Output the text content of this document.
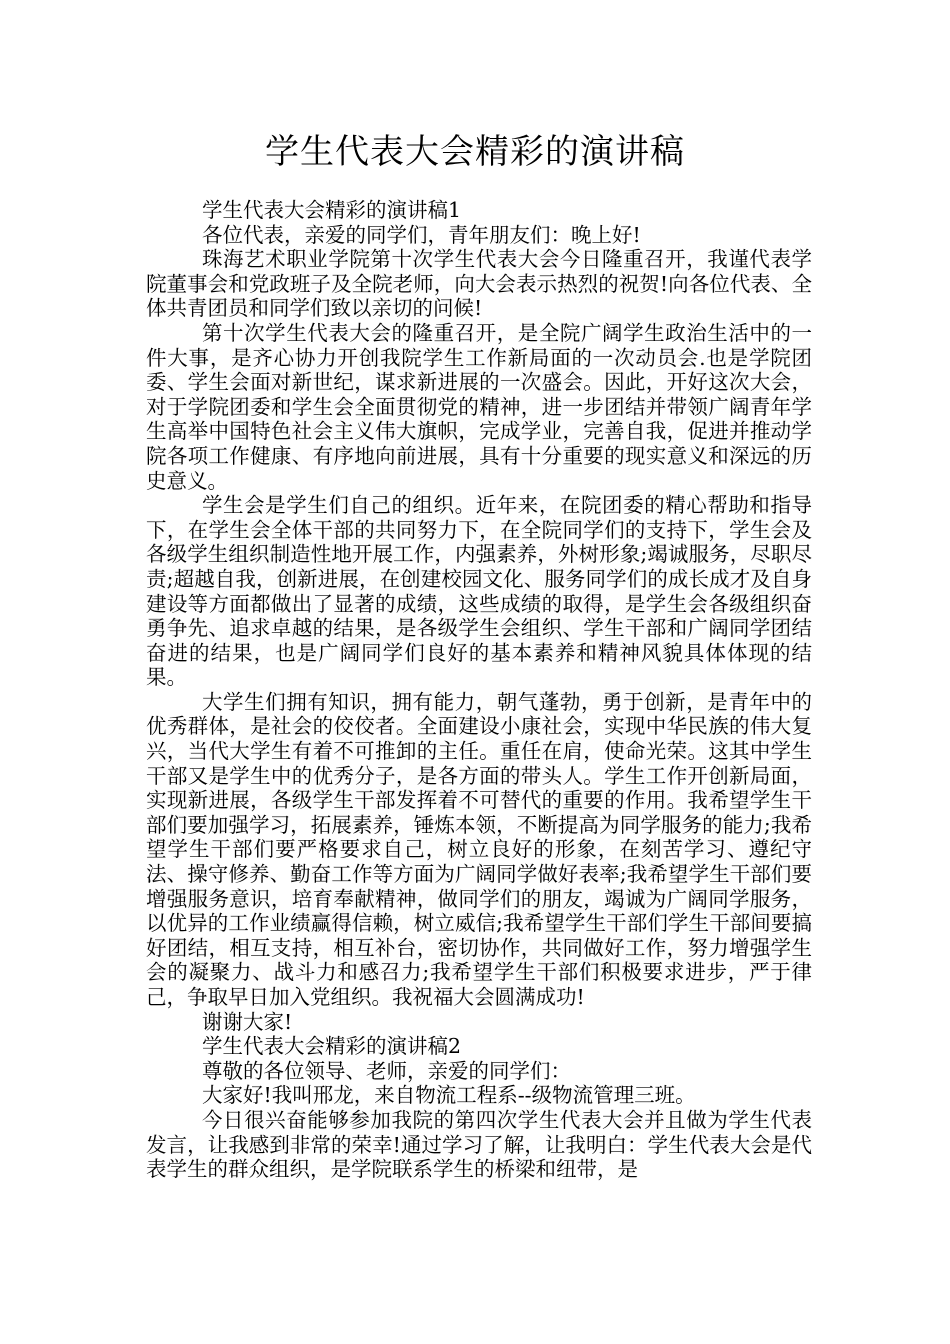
学生代表大会精彩的演讲稿

学生代表大会精彩的演讲稿1

各位代表，亲爱的同学们，青年朋友们：晚上好!

珠海艺术职业学院第十次学生代表大会今日隆重召开，我谨代表学院董事会和党政班子及全院老师，向大会表示热烈的祝贺!向各位代表、全体共青团员和同学们致以亲切的问候!

第十次学生代表大会的隆重召开，是全院广阔学生政治生活中的一件大事，是齐心协力开创我院学生工作新局面的一次动员会.也是学院团委、学生会面对新世纪，谋求新进展的一次盛会。因此，开好这次大会，对于学院团委和学生会全面贯彻党的精神，进一步团结并带领广阔青年学生高举中国特色社会主义伟大旗帜，完成学业，完善自我，促进并推动学院各项工作健康、有序地向前进展，具有十分重要的现实意义和深远的历史意义。

学生会是学生们自己的组织。近年来，在院团委的精心帮助和指导下，在学生会全体干部的共同努力下，在全院同学们的支持下，学生会及各级学生组织制造性地开展工作，内强素养，外树形象;竭诚服务，尽职尽责;超越自我，创新进展，在创建校园文化、服务同学们的成长成才及自身建设等方面都做出了显著的成绩，这些成绩的取得，是学生会各级组织奋勇争先、追求卓越的结果，是各级学生会组织、学生干部和广阔同学团结奋进的结果，也是广阔同学们良好的基本素养和精神风貌具体体现的结果。

大学生们拥有知识，拥有能力，朝气蓬勃，勇于创新，是青年中的优秀群体，是社会的佼佼者。全面建设小康社会，实现中华民族的伟大复兴，当代大学生有着不可推卸的主任。重任在肩，使命光荣。这其中学生干部又是学生中的优秀分子，是各方面的带头人。学生工作开创新局面，实现新进展，各级学生干部发挥着不可替代的重要的作用。我希望学生干部们要加强学习，拓展素养，锤炼本领，不断提高为同学服务的能力;我希望学生干部们要严格要求自己，树立良好的形象，在刻苦学习、遵纪守法、操守修养、勤奋工作等方面为广阔同学做好表率;我希望学生干部们要增强服务意识，培育奉献精神，做同学们的朋友，竭诚为广阔同学服务，以优异的工作业绩赢得信赖，树立威信;我希望学生干部们学生干部间要搞好团结，相互支持，相互补台，密切协作，共同做好工作，努力增强学生会的凝聚力、战斗力和感召力;我希望学生干部们积极要求进步，严于律己，争取早日加入党组织。我祝福大会圆满成功!

谢谢大家!

学生代表大会精彩的演讲稿2

尊敬的各位领导、老师，亲爱的同学们：

大家好!我叫邢龙，来自物流工程系--级物流管理三班。

今日很兴奋能够参加我院的第四次学生代表大会并且做为学生代表发言，让我感到非常的荣幸!通过学习了解，让我明白：学生代表大会是代表学生的群众组织，是学院联系学生的桥梁和纽带，是
